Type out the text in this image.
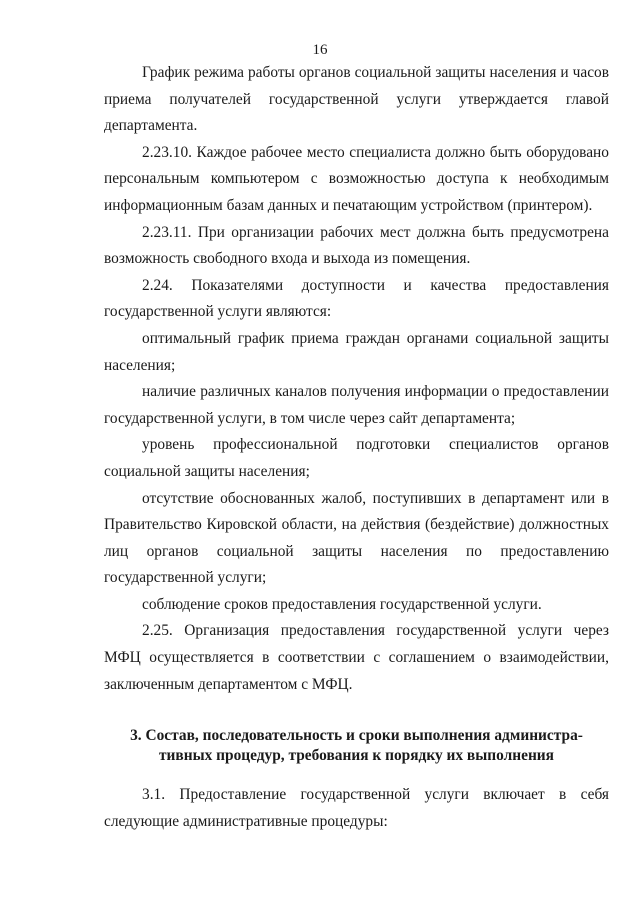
16

График режима работы органов социальной защиты населения и часов приема получателей государственной услуги утверждается главой департамента.

2.23.10. Каждое рабочее место специалиста должно быть оборудовано персональным компьютером с возможностью доступа к необходимым информационным базам данных и печатающим устройством (принтером).

2.23.11. При организации рабочих мест должна быть предусмотрена возможность свободного входа и выхода из помещения.

2.24. Показателями доступности и качества предоставления государственной услуги являются:

оптимальный график приема граждан органами социальной защиты населения;

наличие различных каналов получения информации о предоставлении государственной услуги, в том числе через сайт департамента;

уровень профессиональной подготовки специалистов органов социальной защиты населения;

отсутствие обоснованных жалоб, поступивших в департамент или в Правительство Кировской области, на действия (бездействие) должностных лиц органов социальной защиты населения по предоставлению государственной услуги;

соблюдение сроков предоставления государственной услуги.

2.25. Организация предоставления государственной услуги через МФЦ осуществляется в соответствии с соглашением о взаимодействии, заключенным департаментом с МФЦ.

3. Состав, последовательность и сроки выполнения администра-
тивных процедур, требования к порядку их выполнения

3.1. Предоставление государственной услуги включает в себя следующие административные процедуры:
